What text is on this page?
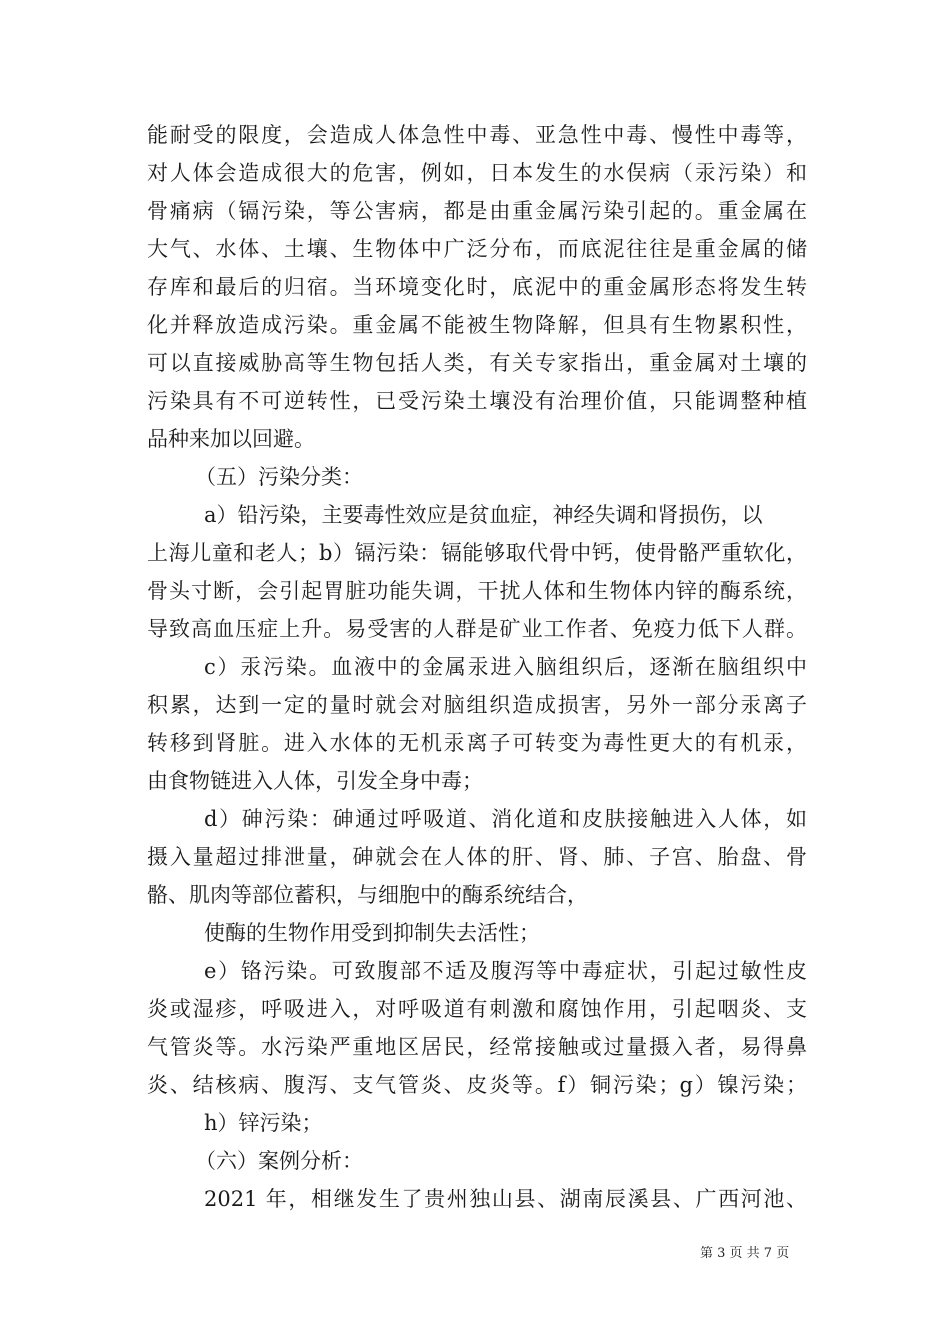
能耐受的限度，会造成人体急性中毒、亚急性中毒、慢性中毒等，
对人体会造成很大的危害，例如，日本发生的水俣病（汞污染）和
骨痛病（镉污染，等公害病，都是由重金属污染引起的。重金属在
大气、水体、土壤、生物体中广泛分布，而底泥往往是重金属的储
存库和最后的归宿。当环境变化时，底泥中的重金属形态将发生转
化并释放造成污染。重金属不能被生物降解，但具有生物累积性，
可以直接威胁高等生物包括人类，有关专家指出，重金属对土壤的
污染具有不可逆转性，已受污染土壤没有治理价值，只能调整种植
品种来加以回避。
（五）污染分类：
a）铅污染，主要毒性效应是贫血症，神经失调和肾损伤，以
上海儿童和老人；b）镉污染：镉能够取代骨中钙，使骨骼严重软化，
骨头寸断，会引起胃脏功能失调，干扰人体和生物体内锌的酶系统，
导致高血压症上升。易受害的人群是矿业工作者、免疫力低下人群。
c）汞污染。血液中的金属汞进入脑组织后，逐渐在脑组织中
积累，达到一定的量时就会对脑组织造成损害，另外一部分汞离子
转移到肾脏。进入水体的无机汞离子可转变为毒性更大的有机汞，
由食物链进入人体，引发全身中毒；
d）砷污染：砷通过呼吸道、消化道和皮肤接触进入人体，如
摄入量超过排泄量，砷就会在人体的肝、肾、肺、子宫、胎盘、骨
骼、肌肉等部位蓄积，与细胞中的酶系统结合，
使酶的生物作用受到抑制失去活性；
e）铬污染。可致腹部不适及腹泻等中毒症状，引起过敏性皮
炎或湿疹，呼吸进入，对呼吸道有刺激和腐蚀作用，引起咽炎、支
气管炎等。水污染严重地区居民，经常接触或过量摄入者，易得鼻
炎、结核病、腹泻、支气管炎、皮炎等。f）铜污染；g）镍污染；
h）锌污染；
（六）案例分析：
2021 年，相继发生了贵州独山县、湖南辰溪县、广西河池、
第 3 页 共 7 页
